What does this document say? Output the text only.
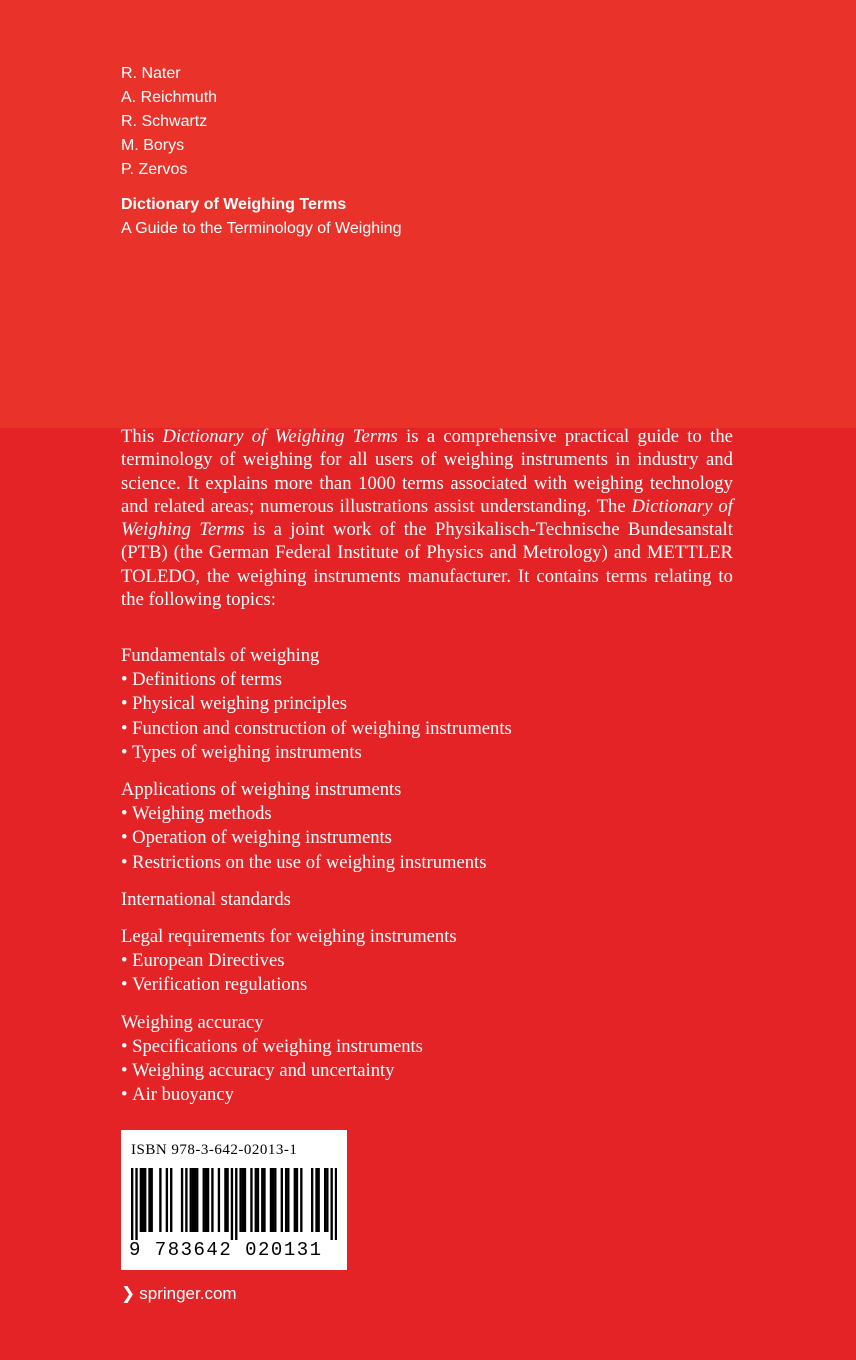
R. Nater
A. Reichmuth
R. Schwartz
M. Borys
P. Zervos
Dictionary of Weighing Terms
A Guide to the Terminology of Weighing
This Dictionary of Weighing Terms is a comprehensive practical guide to the terminology of weighing for all users of weighing instruments in industry and science. It explains more than 1000 terms associated with weighing technology and related areas; numerous illustrations assist understanding. The Dictionary of Weighing Terms is a joint work of the Physikalisch-Technische Bundesanstalt (PTB) (the German Federal Institute of Physics and Metrology) and METTLER TOLEDO, the weighing instruments manufacturer. It contains terms relating to the following topics:
Fundamentals of weighing
• Definitions of terms
• Physical weighing principles
• Function and construction of weighing instruments
• Types of weighing instruments
Applications of weighing instruments
• Weighing methods
• Operation of weighing instruments
• Restrictions on the use of weighing instruments
International standards
Legal requirements for weighing instruments
• European Directives
• Verification regulations
Weighing accuracy
• Specifications of weighing instruments
• Weighing accuracy and uncertainty
• Air buoyancy
ISBN 978-3-642-02013-1
9 783642 020131
❯ springer.com
